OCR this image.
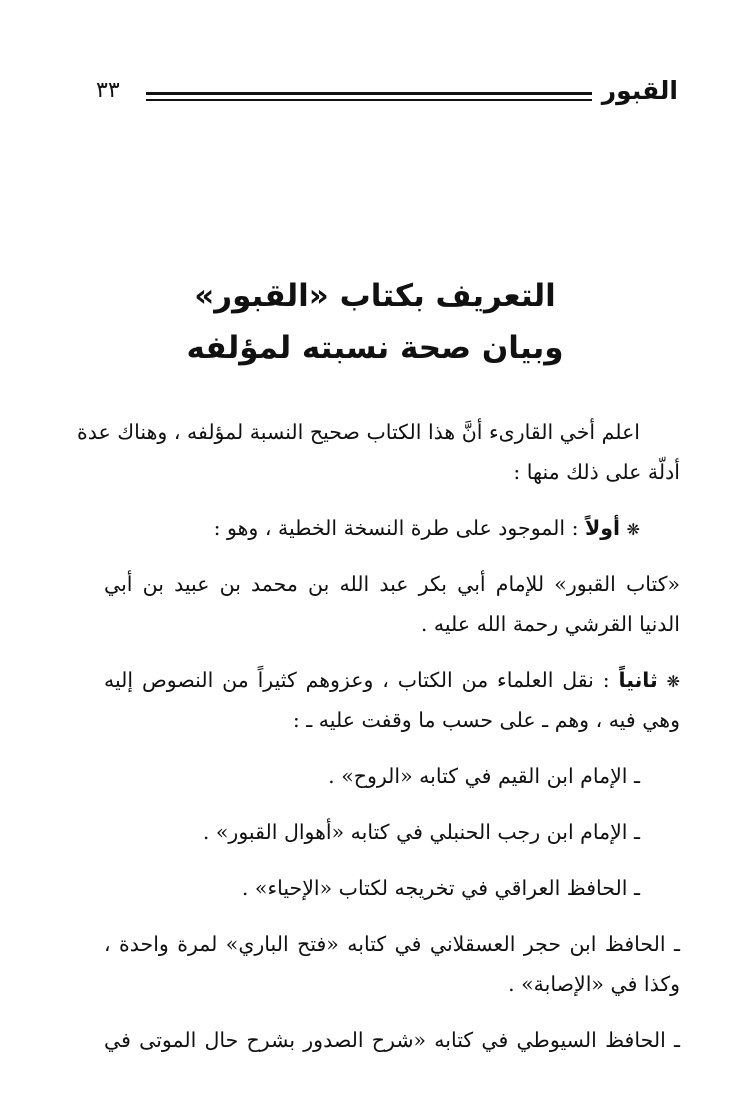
٣٣	القبور
التعريف بكتاب «القبور»
وبيان صحة نسبته لمؤلفه
اعلم أخي القارىء أنَّ هذا الكتاب صحيح النسبة لمؤلفه ، وهناك عدة
أدلّة على ذلك منها :
❋ أولاً : الموجود على طرة النسخة الخطية ، وهو :
«كتاب القبور» للإمام أبي بكر عبد الله بن محمد بن عبيد بن أبي
الدنيا القرشي رحمة الله عليه .
❋ ثانياً : نقل العلماء من الكتاب ، وعزوهم كثيراً من النصوص إليه
وهي فيه ، وهم ـ على حسب ما وقفت عليه ـ :
ـ الإمام ابن القيم في كتابه «الروح» .
ـ الإمام ابن رجب الحنبلي في كتابه «أهوال القبور» .
ـ الحافظ العراقي في تخريجه لكتاب «الإحياء» .
ـ الحافظ ابن حجر العسقلاني في كتابه «فتح الباري» لمرة واحدة ،
وكذا في «الإصابة» .
ـ الحافظ السيوطي في كتابه «شرح الصدور بشرح حال الموتى في
